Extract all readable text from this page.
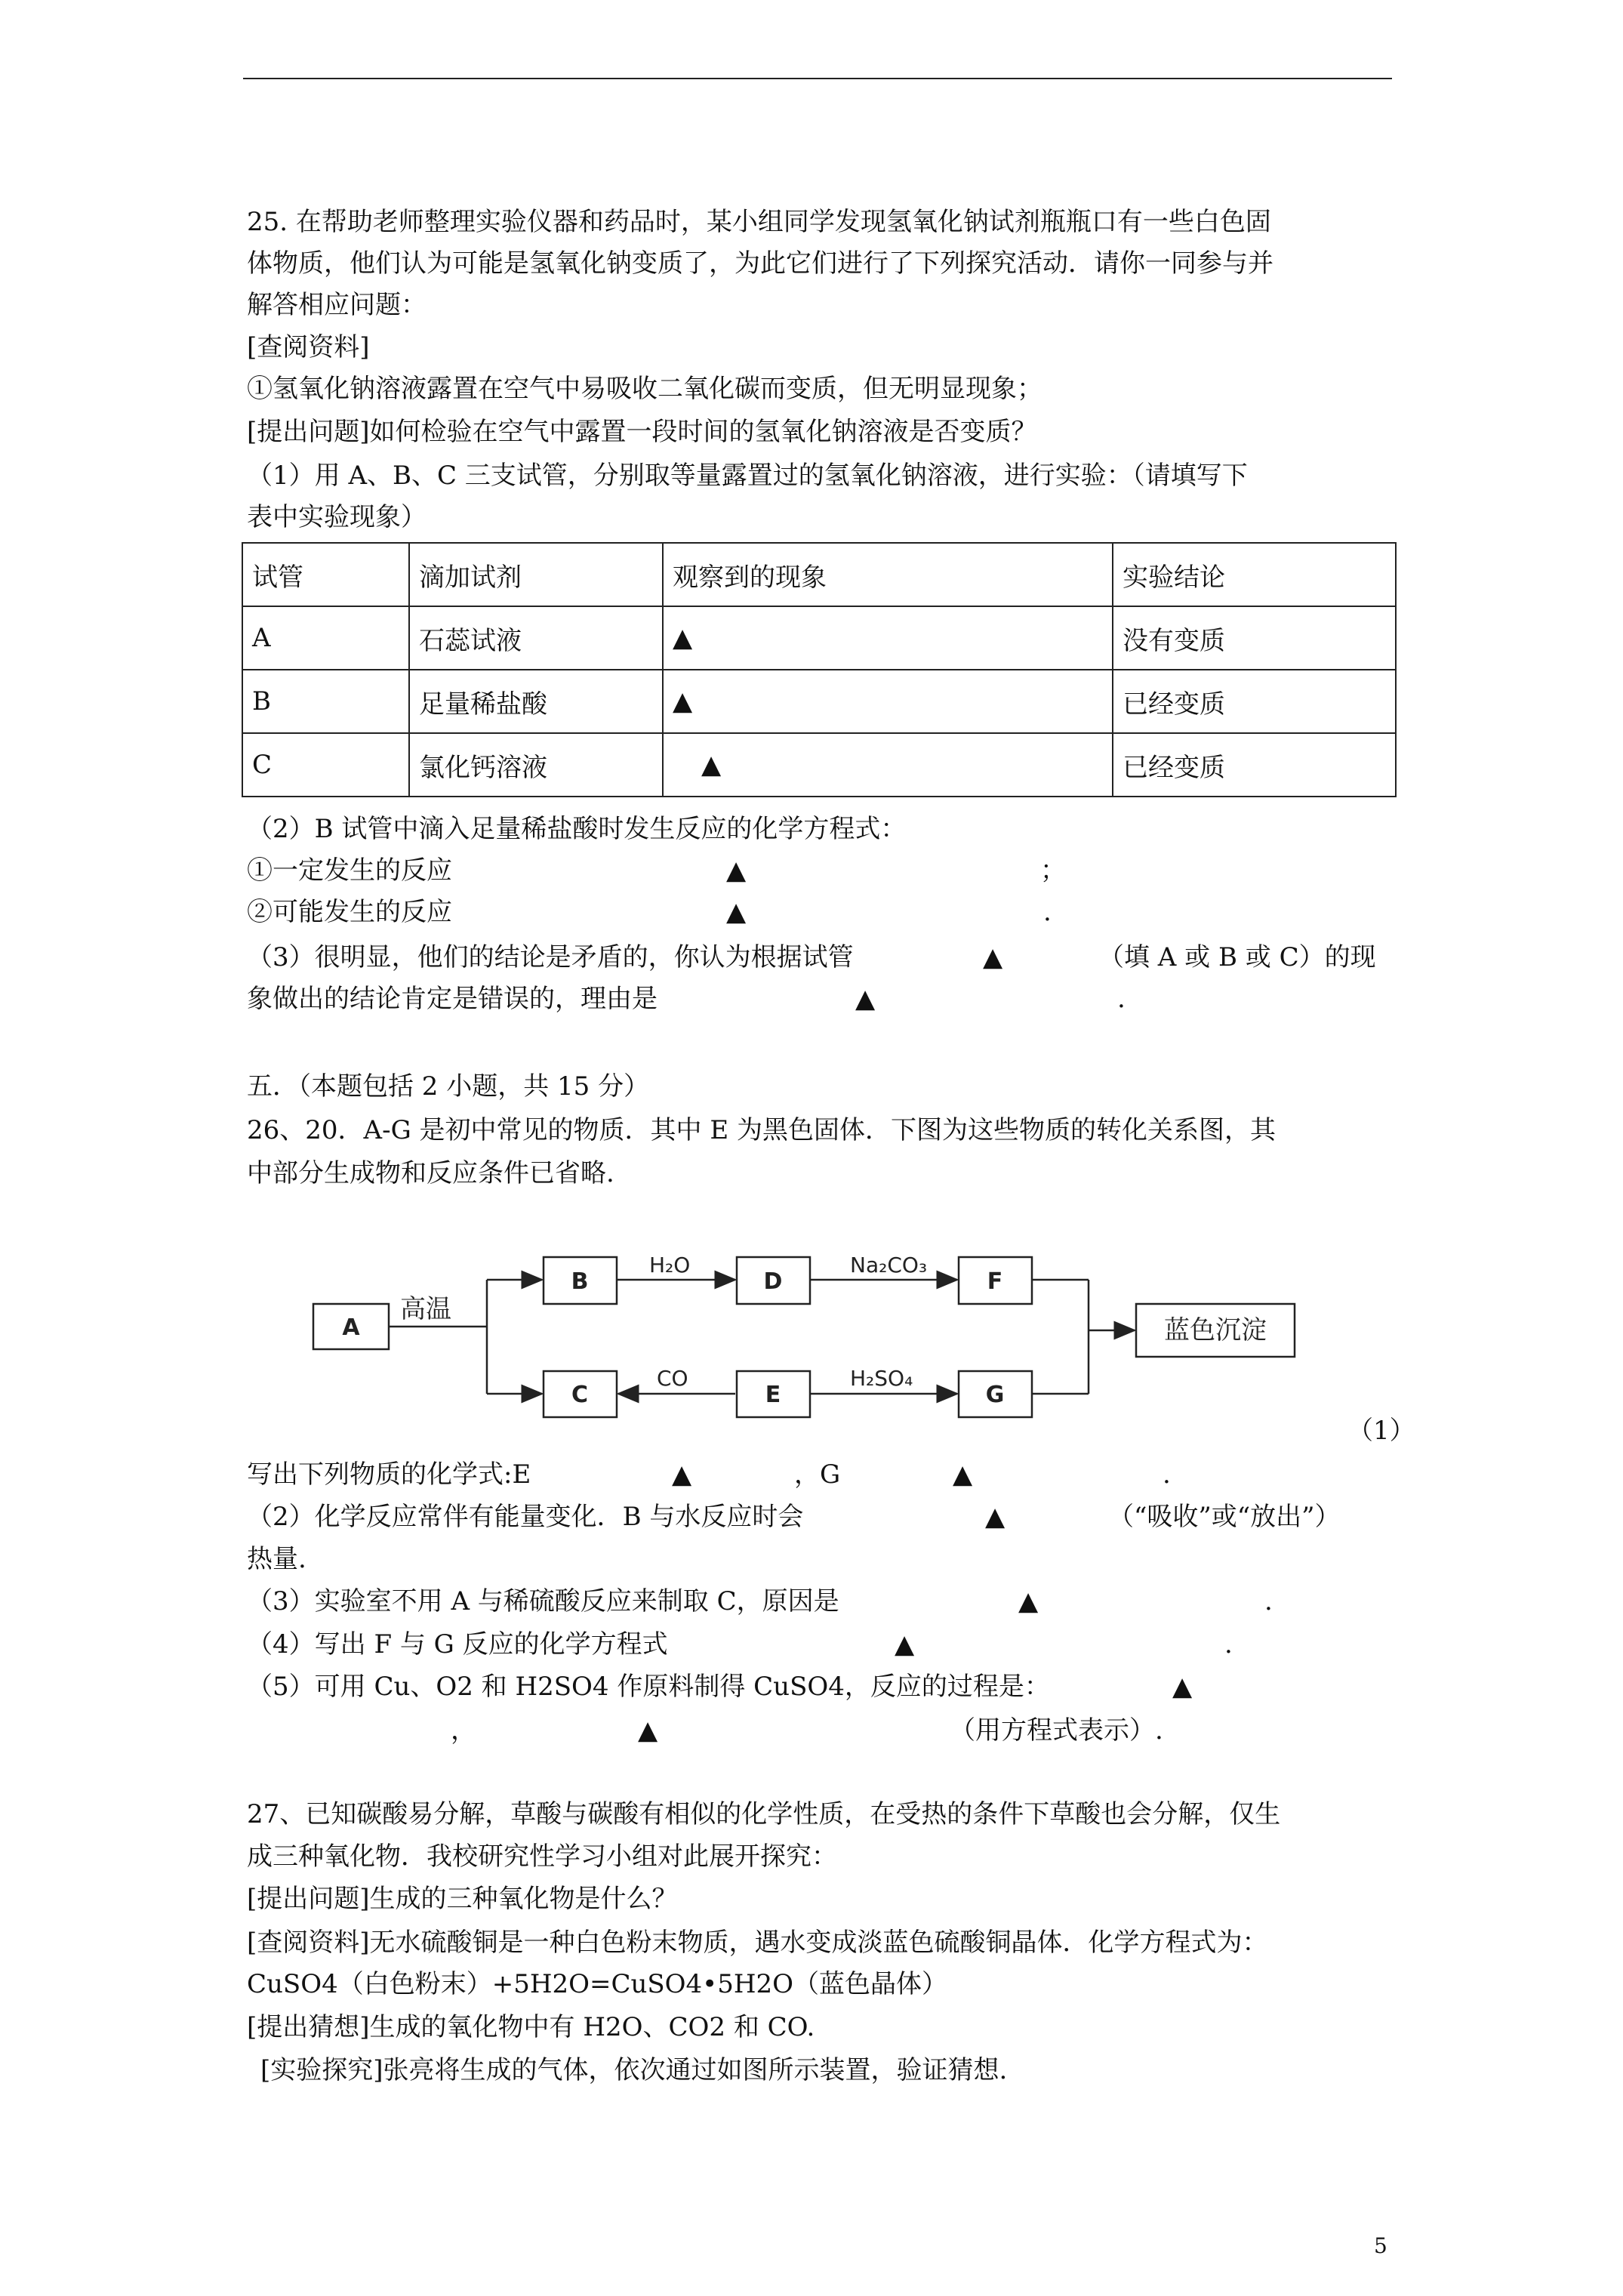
25. 在帮助老师整理实验仪器和药品时，某小组同学发现氢氧化钠试剂瓶瓶口有一些白色固
体物质，他们认为可能是氢氧化钠变质了，为此它们进行了下列探究活动．请你一同参与并
解答相应问题：
[查阅资料]
①氢氧化钠溶液露置在空气中易吸收二氧化碳而变质，但无明显现象；
[提出问题]如何检验在空气中露置一段时间的氢氧化钠溶液是否变质？
（1）用 A、B、C 三支试管，分别取等量露置过的氢氧化钠溶液，进行实验：（请填写下
表中实验现象）
试管	滴加试剂	观察到的现象	实验结论
A	石蕊试液	▲	没有变质
B	足量稀盐酸	▲	已经变质
C	氯化钙溶液	▲	已经变质
（2）B 试管中滴入足量稀盐酸时发生反应的化学方程式：
①一定发生的反应	▲	；
②可能发生的反应	▲	.
（3）很明显，他们的结论是矛盾的，你认为根据试管	▲	（填 A 或 B 或 C）的现
象做出的结论肯定是错误的，理由是	▲	.
五．（本题包括 2 小题，共 15 分）
26、20．A-G 是初中常见的物质．其中 E 为黑色固体．下图为这些物质的转化关系图，其
中部分生成物和反应条件已省略.
A
B	D	F
C	E	G
蓝色沉淀
高温
H₂O	Na₂CO₃
CO	H₂SO₄
（1）
写出下列物质的化学式:E	▲	，G	▲	.
（2）化学反应常伴有能量变化．B 与水反应时会	▲	（“吸收”或“放出”）
热量.
（3）实验室不用 A 与稀硫酸反应来制取 C，原因是	▲	.
（4）写出 F 与 G 反应的化学方程式	▲	.
（5）可用 Cu、O2 和 H2SO4 作原料制得 CuSO4，反应的过程是：	▲
，	▲	（用方程式表示）.
27、已知碳酸易分解，草酸与碳酸有相似的化学性质，在受热的条件下草酸也会分解，仅生
成三种氧化物．我校研究性学习小组对此展开探究：
[提出问题]生成的三种氧化物是什么？
[查阅资料]无水硫酸铜是一种白色粉末物质，遇水变成淡蓝色硫酸铜晶体．化学方程式为：
CuSO4（白色粉末）+5H2O=CuSO4•5H2O（蓝色晶体）
[提出猜想]生成的氧化物中有 H2O、CO2 和 CO.
[实验探究]张亮将生成的气体，依次通过如图所示装置，验证猜想.
5
